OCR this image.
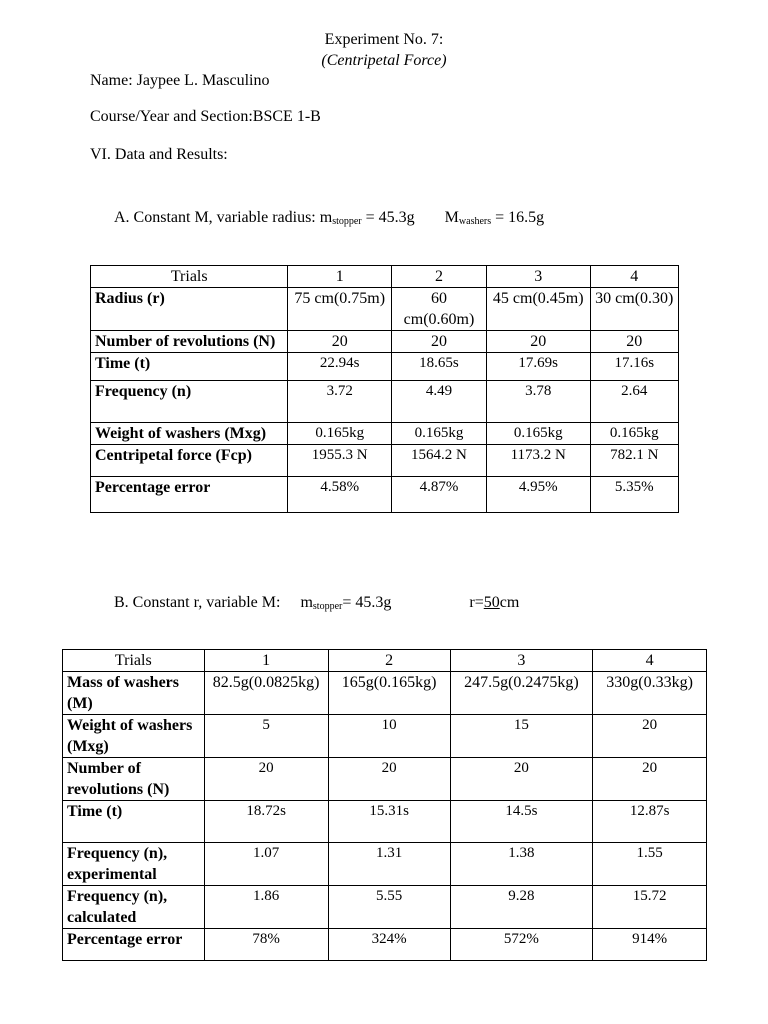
Experiment No. 7:
(Centripetal Force)
Name: Jaypee L. Masculino
Course/Year and Section:BSCE 1-B
VI. Data and Results:
A. Constant M, variable radius: $m_{stopper} = 45.3g$ $M_{washers} = 16.5g$
Trials	1	2	3	4
Radius (r)	75 cm(0.75m)	60 cm(0.60m)	45 cm(0.45m)	30 cm(0.30)
Number of revolutions (N)	20	20	20	20
Time (t)	22.94s	18.65s	17.69s	17.16s
Frequency (n)	3.72	4.49	3.78	2.64
Weight of washers (Mxg)	0.165kg	0.165kg	0.165kg	0.165kg
Centripetal force (Fcp)	1955.3 N	1564.2 N	1173.2 N	782.1 N
Percentage error	4.58%	4.87%	4.95%	5.35%
B. Constant r, variable M: $m_{stopper}= 45.3g$	r=50cm
Trials	1	2	3	4
Mass of washers (M)	82.5g(0.0825kg)	165g(0.165kg)	247.5g(0.2475kg)	330g(0.33kg)
Weight of washers (Mxg)	5	10	15	20
Number of revolutions (N)	20	20	20	20
Time (t)	18.72s	15.31s	14.5s	12.87s
Frequency (n), experimental	1.07	1.31	1.38	1.55
Frequency (n), calculated	1.86	5.55	9.28	15.72
Percentage error	78%	324%	572%	914%
